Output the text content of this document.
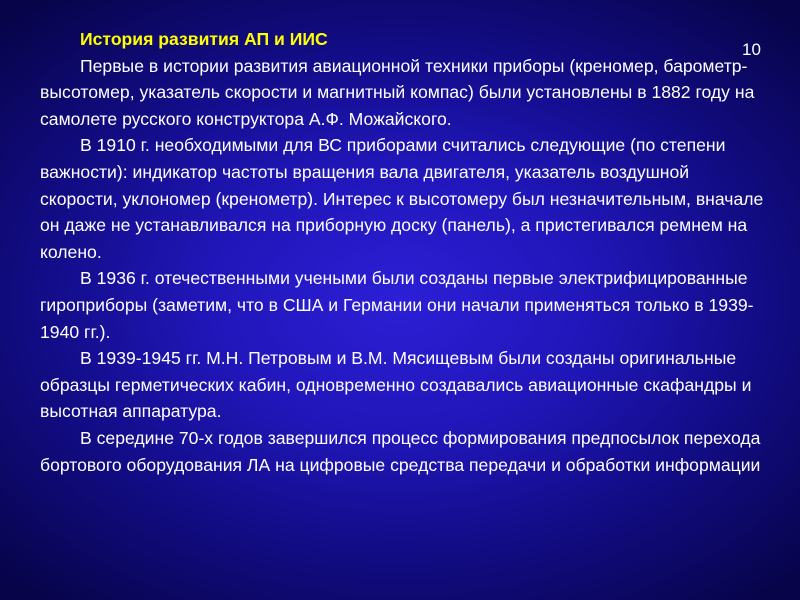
10

История развития АП и ИИС

Первые в истории развития авиационной техники приборы (кренoмер, барометр-высотомер, указатель скорости и магнитный компас) были установлены в 1882 году на самолете русского конструктора А.Ф. Можайского.

В 1910 г. необходимыми для ВС приборами считались следующие (по степени важности): индикатор частоты вращения вала двигателя, указатель воздушной скорости, уклономер (кренометр). Интерес к высотомеру был незначительным, вначале он даже не устанавливался на приборную доску (панель), а пристегивался ремнем на колено.

В 1936 г. отечественными учеными были созданы первые электрифицированные гироприборы (заметим, что в США и Германии они начали применяться только в 1939-1940 гг.).

В 1939-1945 гг. М.Н. Петровым и В.М. Мясищевым были созданы оригинальные образцы герметических кабин, одновременно создавались авиационные скафандры и высотная аппаратура.

В середине 70-х годов завершился процесс формирования предпосылок перехода бортового оборудования ЛА на цифровые средства передачи и обработки информации
